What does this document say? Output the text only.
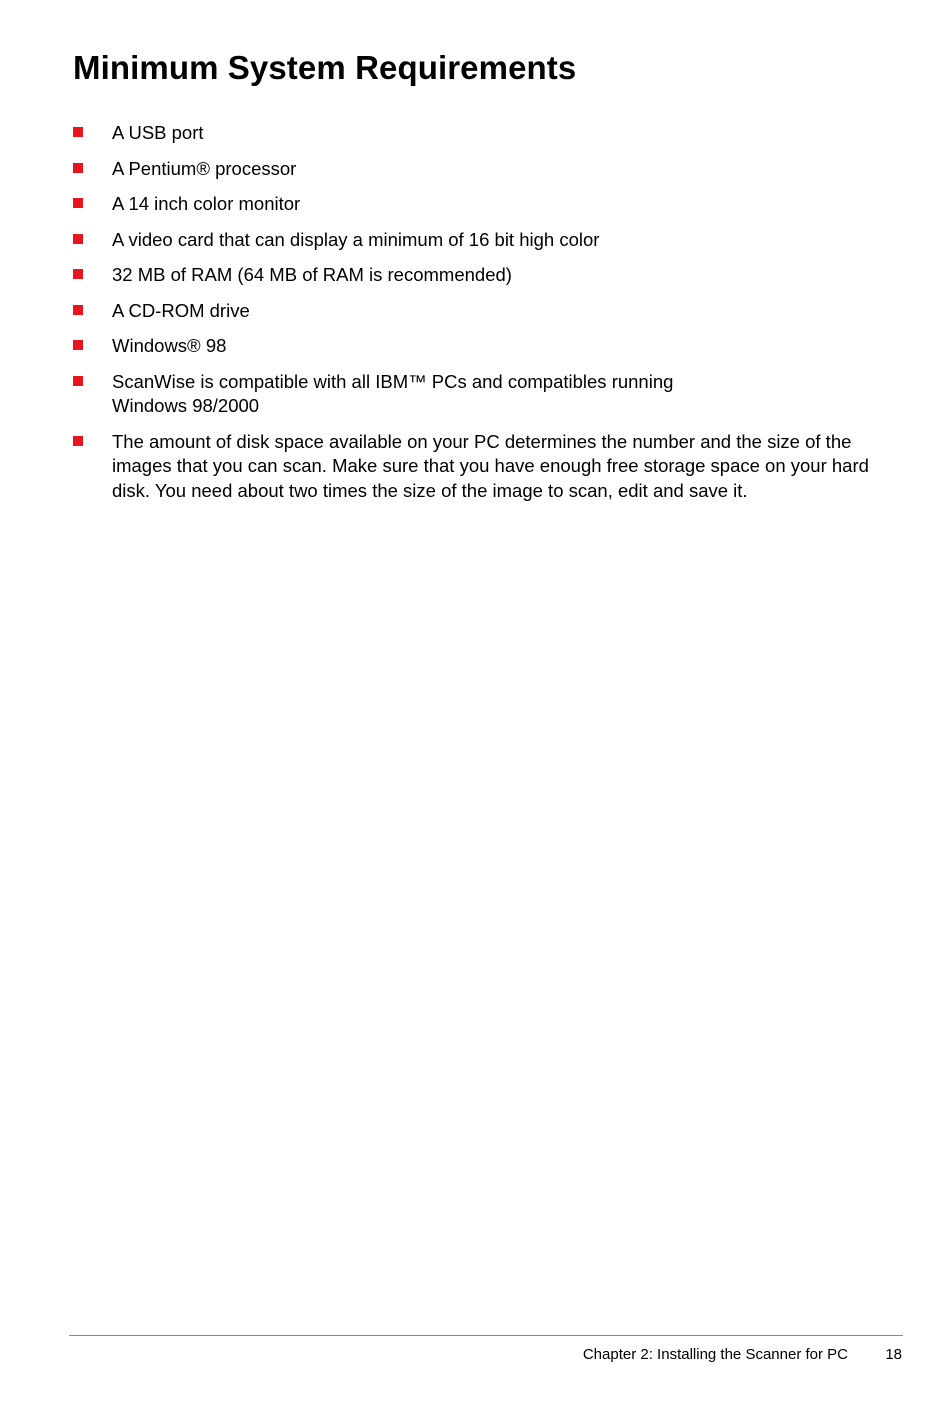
Minimum System Requirements
A USB port
A Pentium® processor
A 14 inch color monitor
A video card that can display a minimum of 16 bit high color
32 MB of RAM (64 MB of RAM is recommended)
A CD-ROM drive
Windows® 98
ScanWise is compatible with all IBM™ PCs and compatibles running
Windows 98/2000
The amount of disk space available on your PC determines the number and the size of the images that you can scan. Make sure that you have enough free storage space on your hard disk. You need about two times the size of the image to scan, edit and save it.
Chapter 2: Installing the Scanner for PC 18
